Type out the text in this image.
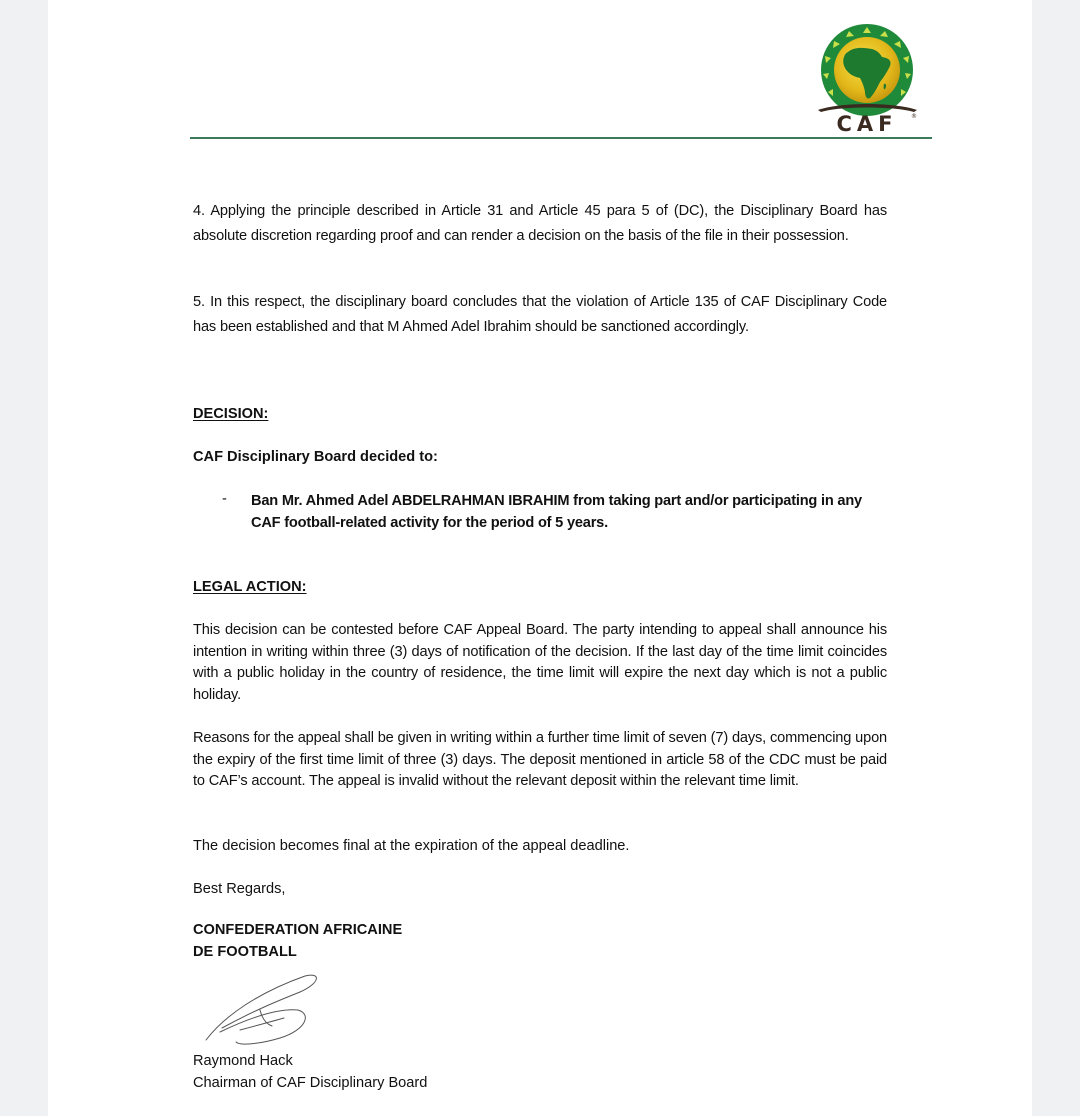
CAF ®
4. Applying the principle described in Article 31 and Article 45 para 5 of (DC), the Disciplinary Board has absolute discretion regarding proof and can render a decision on the basis of the file in their possession.
5. In this respect, the disciplinary board concludes that the violation of Article 135 of CAF Disciplinary Code has been established and that M Ahmed Adel Ibrahim should be sanctioned accordingly.
DECISION:
CAF Disciplinary Board decided to:
- Ban Mr. Ahmed Adel ABDELRAHMAN IBRAHIM from taking part and/or participating in any CAF football-related activity for the period of 5 years.
LEGAL ACTION:
This decision can be contested before CAF Appeal Board. The party intending to appeal shall announce his intention in writing within three (3) days of notification of the decision. If the last day of the time limit coincides with a public holiday in the country of residence, the time limit will expire the next day which is not a public holiday.
Reasons for the appeal shall be given in writing within a further time limit of seven (7) days, commencing upon the expiry of the first time limit of three (3) days. The deposit mentioned in article 58 of the CDC must be paid to CAF’s account. The appeal is invalid without the relevant deposit within the relevant time limit.
The decision becomes final at the expiration of the appeal deadline.
Best Regards,
CONFEDERATION AFRICAINE
DE FOOTBALL
Raymond Hack
Chairman of CAF Disciplinary Board
